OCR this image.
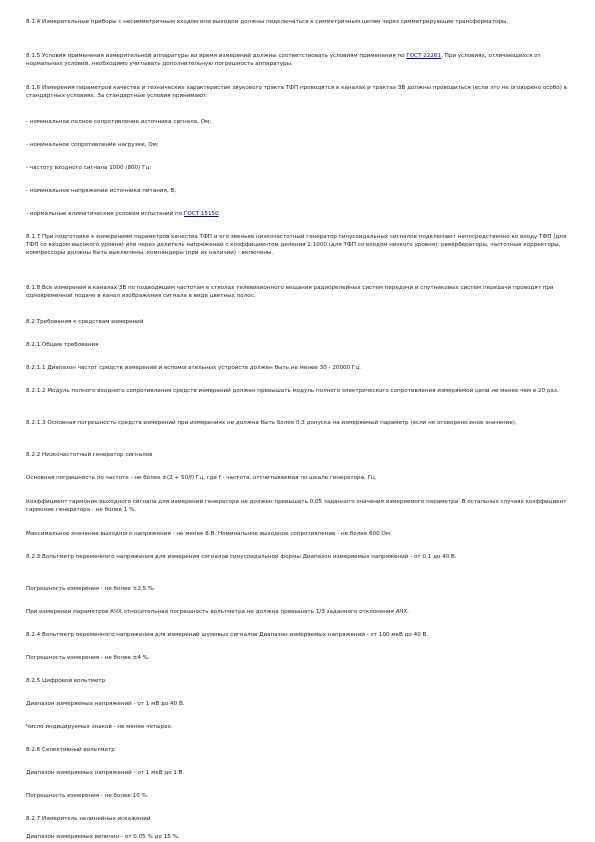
8.1.4 Измерительные приборы с несимметричным входом или выходом должны подключаться к симметричным цепям через симметрирующие трансформаторы.

8.1.5 Условия применения измерительной аппаратуры во время измерений должны соответствовать условиям применения по ГОСТ 22261. При условиях, отличающихся от нормальных условий, необходимо учитывать дополнительную погрешность аппаратуры.

8.1.6 Измерения параметров качества и технических характеристик звукового тракта ТФП проводятся в каналах и трактах ЗВ должны проводиться (если это не оговорено особо) в стандартных условиях. За стандартные условия принимают:

- номинальное полное сопротивление источника сигнала, Ом;

- номинальное сопротивление нагрузки, Ом;

- частоту входного сигнала 1000 (800) Гц;

- номинальное напряжение источника питания, В;

- нормальные климатические условия испытаний по ГОСТ 15150.

8.1.7 При подготовке к измерениям параметров качества ТФП и его звеньев низкочастотный генератор синусоидальных сигналов подключают непосредственно ко входу ТФП (для ТФП со входом высокого уровня) или через делитель напряжений с коэффициентом деления 1:1000 (для ТФП со входом низкого уровня); ревербераторы, частотные корректоры, компрессоры должны быть выключены, компандеры (при их наличии) - включены.

8.1.8 Все измерения в каналах ЗВ по подводящим частотам в стволах телевизионного вещания радиорелейных систем передачи и спутниковых систем передачи проводят при одновременной подаче в канал изображения сигнала в виде цветных полос.

8.2 Требования к средствам измерений

8.2.1 Общие требования

8.2.1.1 Диапазон частот средств измерений и вспомогательных устройств должен быть не менее 30 - 20000 Гц.

8.2.1.2 Модуль полного входного сопротивления средств измерений должен превышать модуль полного электрического сопротивления измеряемой цепи не менее чем в 20 раз.

8.2.1.3 Основная погрешность средств измерений при измерениях не должна быть более 0,3 допуска на измеряемый параметр (если не оговорено иное значение).

8.2.2 Низкочастотный генератор сигналов

Основная погрешность по частоте - не более ±(2 + 50/f) Гц, где f - частота, отсчитываемая по шкале генератора, Гц.

Коэффициент гармоник выходного сигнала для измерений генератора не должен превышать 0,05 заданного значения измеряемого параметра. В остальных случаях коэффициент гармоник генератора - не более 1 %.

Максимальное значение выходного напряжения - не менее 8 В. Номинальное выходное сопротивление - не более 600 Ом.

8.2.3 Вольтметр переменного напряжения для измерения сигналов синусоидальной формы Диапазон измеряемых напряжений - от 0,1 до 40 В.

Погрешность измерения - не более ±2,5 %.

При измерении параметров АЧХ относительная погрешность вольтметра не должна превышать 1/3 заданного отклонения АЧХ.

8.2.4 Вольтметр переменного напряжения для измерений шумовых сигналов Диапазон измеряемых напряжений - от 100 мкВ до 40 В.

Погрешность измерения - не более ±4 %.

8.2.5 Цифровой вольтметр

Диапазон измеряемых напряжений - от 1 мВ до 40 В.

Число индицируемых знаков - не менее четырех.

8.2.6 Селективный вольтметр

Диапазон измеряемых напряжений - от 1 мкВ до 1 В.

Погрешность измерения - не более 10 %.

8.2.7 Измеритель нелинейных искажений

Диапазон измеряемых величин - от 0,05 % до 15 %.
